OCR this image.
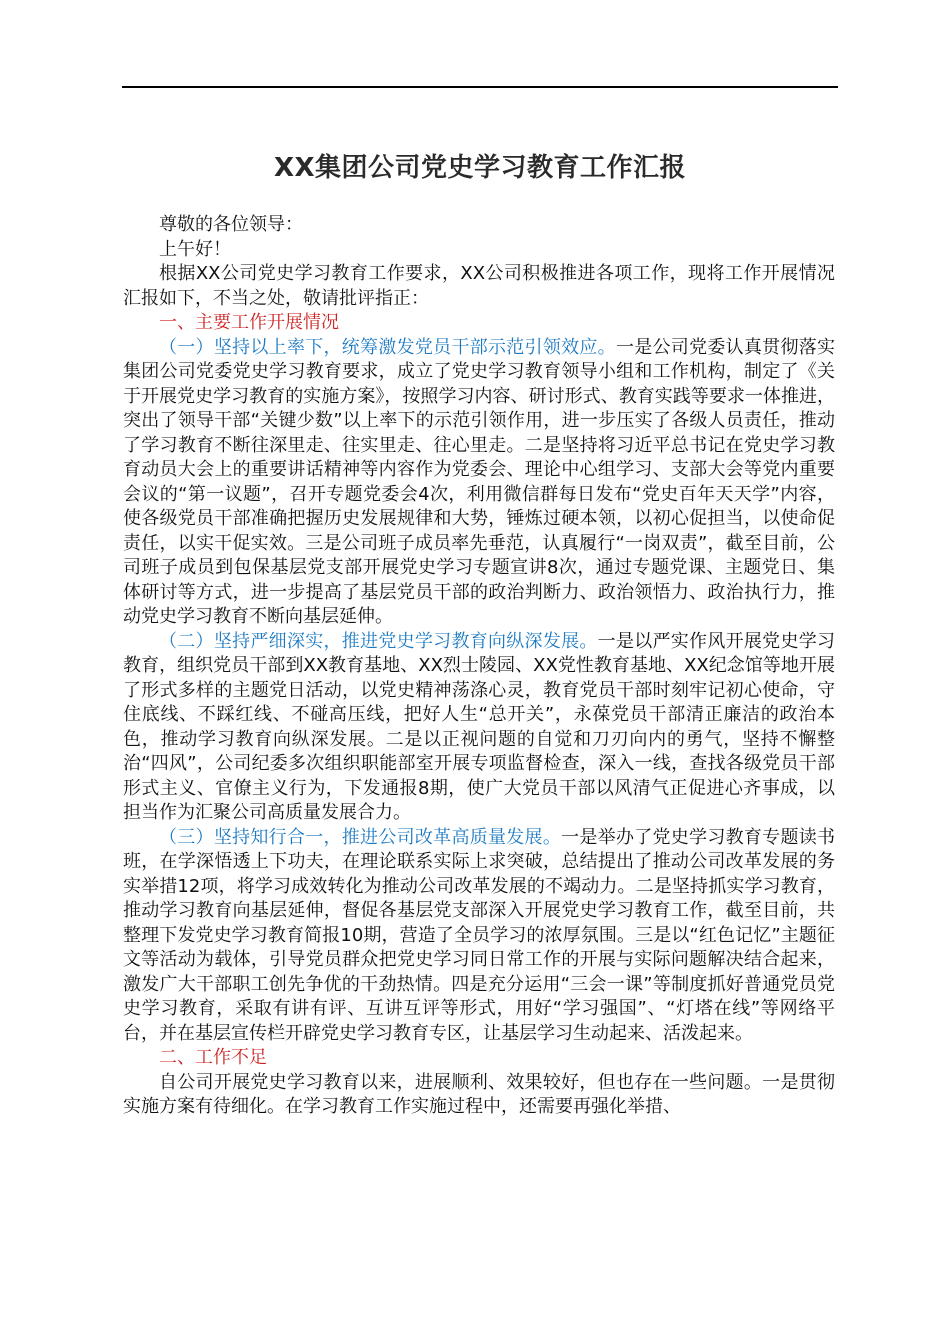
XX集团公司党史学习教育工作汇报

尊敬的各位领导：

上午好！

根据XX公司党史学习教育工作要求，XX公司积极推进各项工作，现将工作开展情况汇报如下，不当之处，敬请批评指正：

一、主要工作开展情况

（一）坚持以上率下，统筹激发党员干部示范引领效应。一是公司党委认真贯彻落实集团公司党委党史学习教育要求，成立了党史学习教育领导小组和工作机构，制定了《关于开展党史学习教育的实施方案》，按照学习内容、研讨形式、教育实践等要求一体推进，突出了领导干部“关键少数”以上率下的示范引领作用，进一步压实了各级人员责任，推动了学习教育不断往深里走、往实里走、往心里走。二是坚持将习近平总书记在党史学习教育动员大会上的重要讲话精神等内容作为党委会、理论中心组学习、支部大会等党内重要会议的“第一议题”，召开专题党委会4次，利用微信群每日发布“党史百年天天学”内容，使各级党员干部准确把握历史发展规律和大势，锤炼过硬本领，以初心促担当，以使命促责任，以实干促实效。三是公司班子成员率先垂范，认真履行“一岗双责”，截至目前，公司班子成员到包保基层党支部开展党史学习专题宣讲8次，通过专题党课、主题党日、集体研讨等方式，进一步提高了基层党员干部的政治判断力、政治领悟力、政治执行力，推动党史学习教育不断向基层延伸。

（二）坚持严细深实，推进党史学习教育向纵深发展。一是以严实作风开展党史学习教育，组织党员干部到XX教育基地、XX烈士陵园、XX党性教育基地、XX纪念馆等地开展了形式多样的主题党日活动，以党史精神荡涤心灵，教育党员干部时刻牢记初心使命，守住底线、不踩红线、不碰高压线，把好人生“总开关”，永葆党员干部清正廉洁的政治本色，推动学习教育向纵深发展。二是以正视问题的自觉和刀刃向内的勇气，坚持不懈整治“四风”，公司纪委多次组织职能部室开展专项监督检查，深入一线，查找各级党员干部形式主义、官僚主义行为，下发通报8期，使广大党员干部以风清气正促进心齐事成，以担当作为汇聚公司高质量发展合力。

（三）坚持知行合一，推进公司改革高质量发展。一是举办了党史学习教育专题读书班，在学深悟透上下功夫，在理论联系实际上求突破，总结提出了推动公司改革发展的务实举措12项，将学习成效转化为推动公司改革发展的不竭动力。二是坚持抓实学习教育，推动学习教育向基层延伸，督促各基层党支部深入开展党史学习教育工作，截至目前，共整理下发党史学习教育简报10期，营造了全员学习的浓厚氛围。三是以“红色记忆”主题征文等活动为载体，引导党员群众把党史学习同日常工作的开展与实际问题解决结合起来，激发广大干部职工创先争优的干劲热情。四是充分运用“三会一课”等制度抓好普通党员党史学习教育，采取有讲有评、互讲互评等形式，用好“学习强国”、“灯塔在线”等网络平台，并在基层宣传栏开辟党史学习教育专区，让基层学习生动起来、活泼起来。

二、工作不足

自公司开展党史学习教育以来，进展顺利、效果较好，但也存在一些问题。一是贯彻实施方案有待细化。在学习教育工作实施过程中，还需要再强化举措、
